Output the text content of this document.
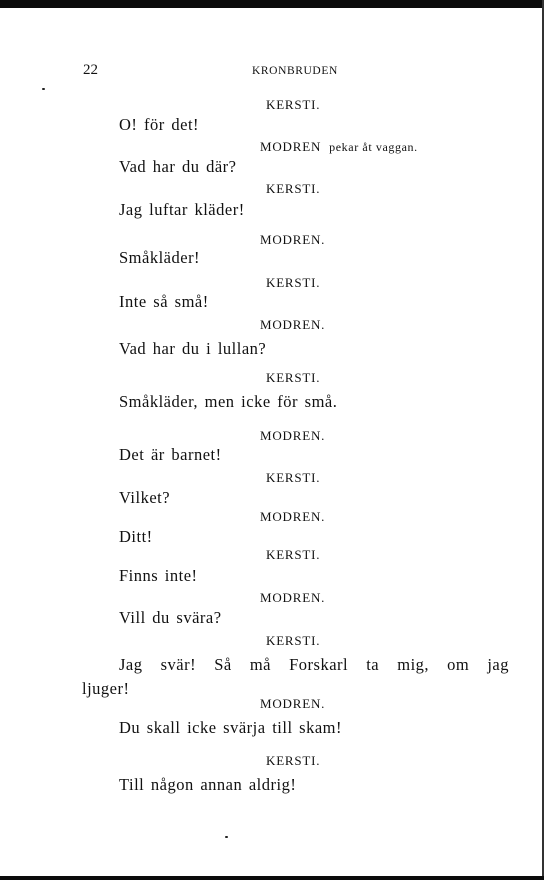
22	KRONBRUDEN
KERSTI.
O! för det!
MODREN pekar åt vaggan.
Vad har du där?
KERSTI.
Jag luftar kläder!
MODREN.
Småkläder!
KERSTI.
Inte så små!
MODREN.
Vad har du i lullan?
KERSTI.
Småkläder, men icke för små.
MODREN.
Det är barnet!
KERSTI.
Vilket?
MODREN.
Ditt!
KERSTI.
Finns inte!
MODREN.
Vill du svära?
KERSTI.
Jag svär! Så må Forskarl ta mig, om jag
ljuger!
MODREN.
Du skall icke svärja till skam!
KERSTI.
Till någon annan aldrig!
